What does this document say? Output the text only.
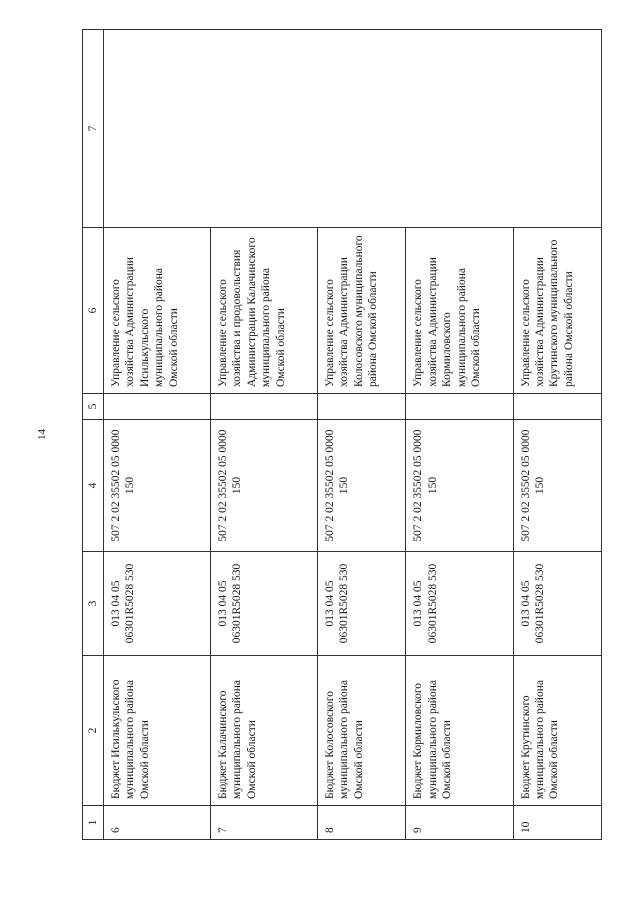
14
1	2	3	4	5	6	7
6	Бюджет Исилькульского муниципального района Омской области	013 04 05 06301R5028 530	507 2 02 35502 05 0000 150		Управление сельского хозяйства Администрации Исилькульского муниципального района Омской области	
7	Бюджет Калачинского муниципального района Омской области	013 04 05 06301R5028 530	507 2 02 35502 05 0000 150		Управление сельского хозяйства и продовольствия Администрации Калачинского муниципального района Омской области	
8	Бюджет Колосовского муниципального района Омской области	013 04 05 06301R5028 530	507 2 02 35502 05 0000 150		Управление сельского хозяйства Администрации Колосовского муниципального района Омской области	
9	Бюджет Кормиловского муниципального района Омской области	013 04 05 06301R5028 530	507 2 02 35502 05 0000 150		Управление сельского хозяйства Администрации Кормиловского муниципального района Омской области	
10	Бюджет Крутинского муниципального района Омской области	013 04 05 06301R5028 530	507 2 02 35502 05 0000 150		Управление сельского хозяйства Администрации Крутинского муниципального района Омской области	
